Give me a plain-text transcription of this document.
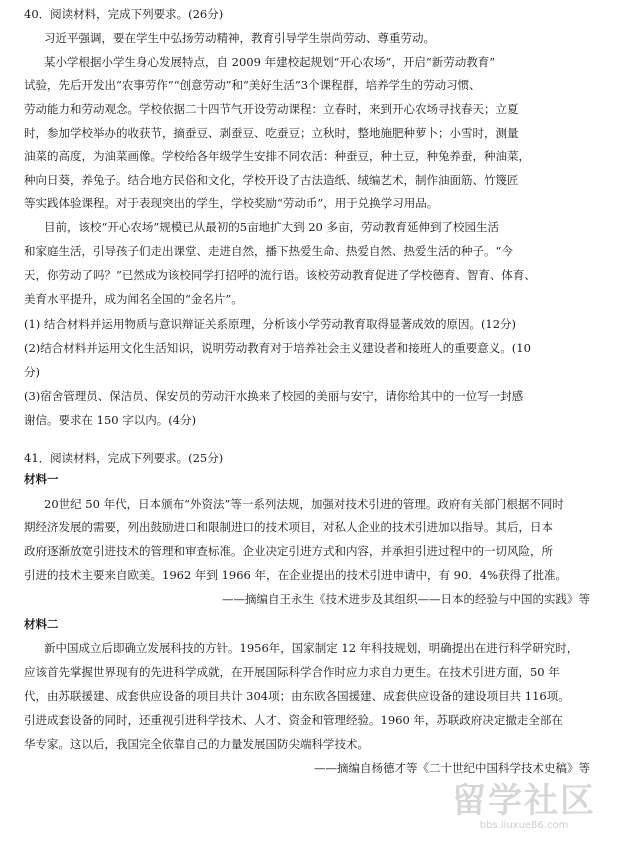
40．阅读材料，完成下列要求。(26分)
习近平强调，要在学生中弘扬劳动精神，教育引导学生崇尚劳动、尊重劳动。
某小学根据小学生身心发展特点，自 2009 年建校起规划“开心农场”，开启“新劳动教育”
试验，先后开发出“农事劳作”“创意劳动”和“美好生活”3个课程群，培养学生的劳动习惯、
劳动能力和劳动观念。学校依据二十四节气开设劳动课程：立春时，来到开心农场寻找春天；立夏
时，参加学校举办的收获节，摘蚕豆、剥蚕豆、吃蚕豆；立秋时，整地施肥种萝卜；小雪时，测量
油菜的高度，为油菜画像。学校给各年级学生安排不同农活：种蚕豆，种土豆，种兔养蚕，种油菜，
种向日葵，养兔子。结合地方民俗和文化，学校开设了古法造纸、绒编艺术，制作油面筋、竹篾匠
等实践体验课程。对于表现突出的学生，学校奖励“劳动币”，用于兑换学习用品。
目前，该校“开心农场”规模已从最初的5亩地扩大到 20 多亩，劳动教育延伸到了校园生活
和家庭生活，引导孩子们走出课堂、走进自然，播下热爱生命、热爱自然、热爱生活的种子。“今
天，你劳动了吗？”已然成为该校同学打招呼的流行语。该校劳动教育促进了学校德育、智育、体育、
美育水平提升，成为闻名全国的“金名片”。
(1) 结合材料并运用物质与意识辩证关系原理，分析该小学劳动教育取得显著成效的原因。(12分)
(2)结合材料并运用文化生活知识，说明劳动教育对于培养社会主义建设者和接班人的重要意义。(10
分)
(3)宿舍管理员、保洁员、保安员的劳动汗水换来了校园的美丽与安宁，请你给其中的一位写一封感
谢信。要求在 150 字以内。(4分)
41．阅读材料，完成下列要求。(25分)
材料一
20世纪 50 年代，日本颁布“外资法”等一系列法规，加强对技术引进的管理。政府有关部门根据不同时
期经济发展的需要，列出鼓励进口和限制进口的技术项目，对私人企业的技术引进加以指导。其后，日本
政府逐渐放宽引进技术的管理和审查标准。企业决定引进方式和内容，并承担引进过程中的一切风险，所
引进的技术主要来自欧美。1962 年到 1966 年，在企业提出的技术引进申请中，有 90．4%获得了批准。
——摘编自王永生《技术进步及其组织——日本的经验与中国的实践》等
材料二
新中国成立后即确立发展科技的方针。1956年，国家制定 12 年科技规划，明确提出在进行科学研究时，
应该首先掌握世界现有的先进科学成就，在开展国际科学合作时应力求自力更生。在技术引进方面，50 年
代，由苏联援建、成套供应设备的项目共计 304项；由东欧各国援建、成套供应设备的建设项目共 116项。
引进成套设备的同时，还重视引进科学技术、人才、资金和管理经验。1960 年，苏联政府决定撤走全部在
华专家。这以后，我国完全依靠自己的力量发展国防尖端科学技术。
——摘编自杨德才等《二十世纪中国科学技术史稿》等
留学社区
bbs.liuxue86.com
